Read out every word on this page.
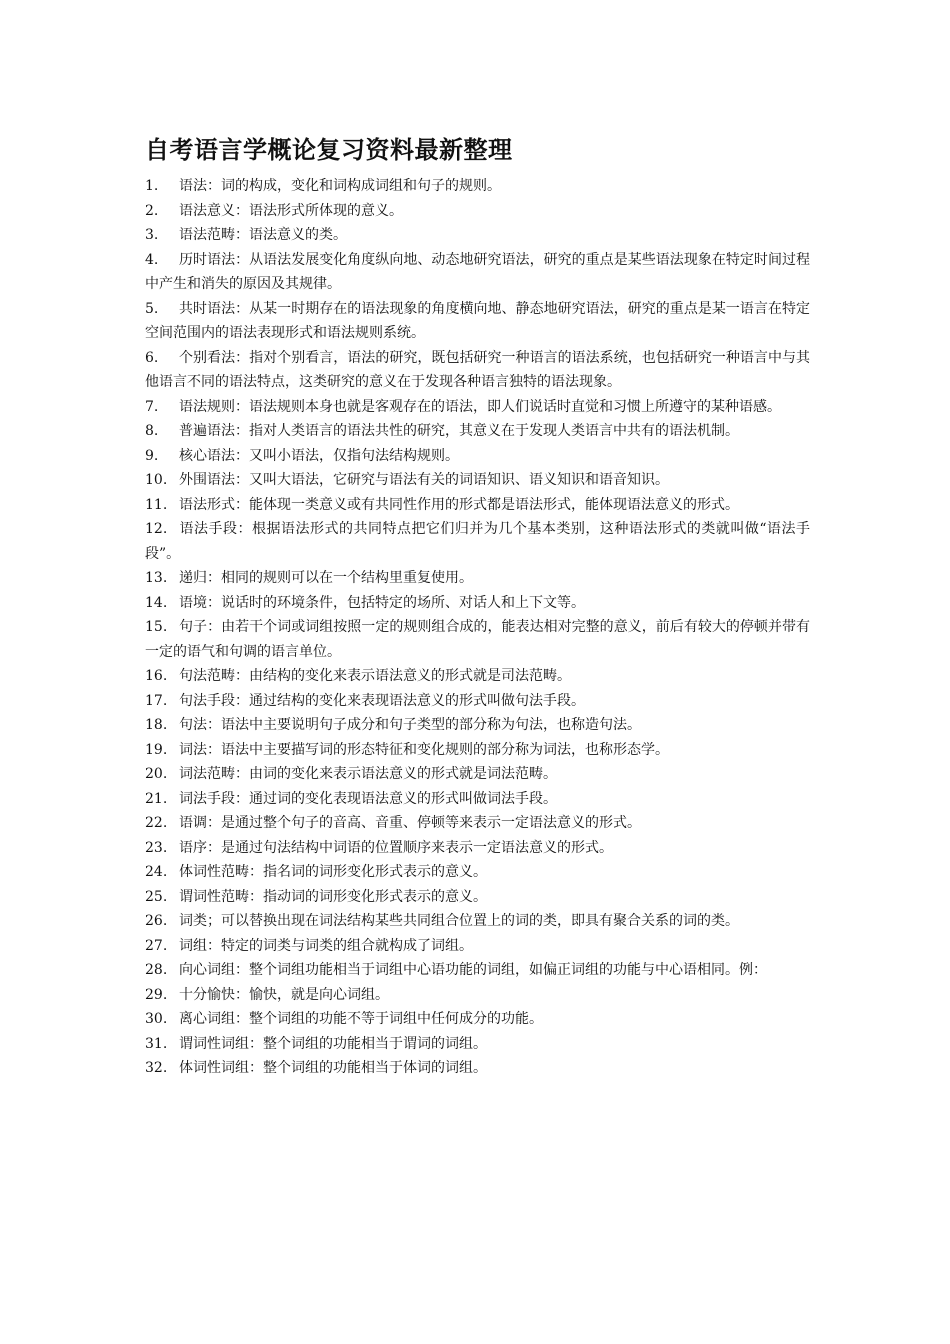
自考语言学概论复习资料最新整理
1. 语法：词的构成，变化和词构成词组和句子的规则。
2. 语法意义：语法形式所体现的意义。
3. 语法范畴：语法意义的类。
4. 历时语法：从语法发展变化角度纵向地、动态地研究语法，研究的重点是某些语法现象在特定时间过程中产生和消失的原因及其规律。
5. 共时语法：从某一时期存在的语法现象的角度横向地、静态地研究语法，研究的重点是某一语言在特定空间范围内的语法表现形式和语法规则系统。
6. 个别看法：指对个别看言，语法的研究，既包括研究一种语言的语法系统，也包括研究一种语言中与其他语言不同的语法特点，这类研究的意义在于发现各种语言独特的语法现象。
7. 语法规则：语法规则本身也就是客观存在的语法，即人们说话时直觉和习惯上所遵守的某种语感。
8. 普遍语法：指对人类语言的语法共性的研究，其意义在于发现人类语言中共有的语法机制。
9. 核心语法：又叫小语法，仅指句法结构规则。
10. 外围语法：又叫大语法，它研究与语法有关的词语知识、语义知识和语音知识。
11. 语法形式：能体现一类意义或有共同性作用的形式都是语法形式，能体现语法意义的形式。
12. 语法手段：根据语法形式的共同特点把它们归并为几个基本类别，这种语法形式的类就叫做“语法手段”。
13. 递归：相同的规则可以在一个结构里重复使用。
14. 语境：说话时的环境条件，包括特定的场所、对话人和上下文等。
15. 句子：由若干个词或词组按照一定的规则组合成的，能表达相对完整的意义，前后有较大的停顿并带有一定的语气和句调的语言单位。
16. 句法范畴：由结构的变化来表示语法意义的形式就是司法范畴。
17. 句法手段：通过结构的变化来表现语法意义的形式叫做句法手段。
18. 句法：语法中主要说明句子成分和句子类型的部分称为句法，也称造句法。
19. 词法：语法中主要描写词的形态特征和变化规则的部分称为词法，也称形态学。
20. 词法范畴：由词的变化来表示语法意义的形式就是词法范畴。
21. 词法手段：通过词的变化表现语法意义的形式叫做词法手段。
22. 语调：是通过整个句子的音高、音重、停顿等来表示一定语法意义的形式。
23. 语序：是通过句法结构中词语的位置顺序来表示一定语法意义的形式。
24. 体词性范畴：指名词的词形变化形式表示的意义。
25. 谓词性范畴：指动词的词形变化形式表示的意义。
26. 词类；可以替换出现在词法结构某些共同组合位置上的词的类，即具有聚合关系的词的类。
27. 词组：特定的词类与词类的组合就构成了词组。
28. 向心词组：整个词组功能相当于词组中心语功能的词组，如偏正词组的功能与中心语相同。例：
29. 十分愉快：愉快，就是向心词组。
30. 离心词组：整个词组的功能不等于词组中任何成分的功能。
31. 谓词性词组：整个词组的功能相当于谓词的词组。
32. 体词性词组：整个词组的功能相当于体词的词组。
